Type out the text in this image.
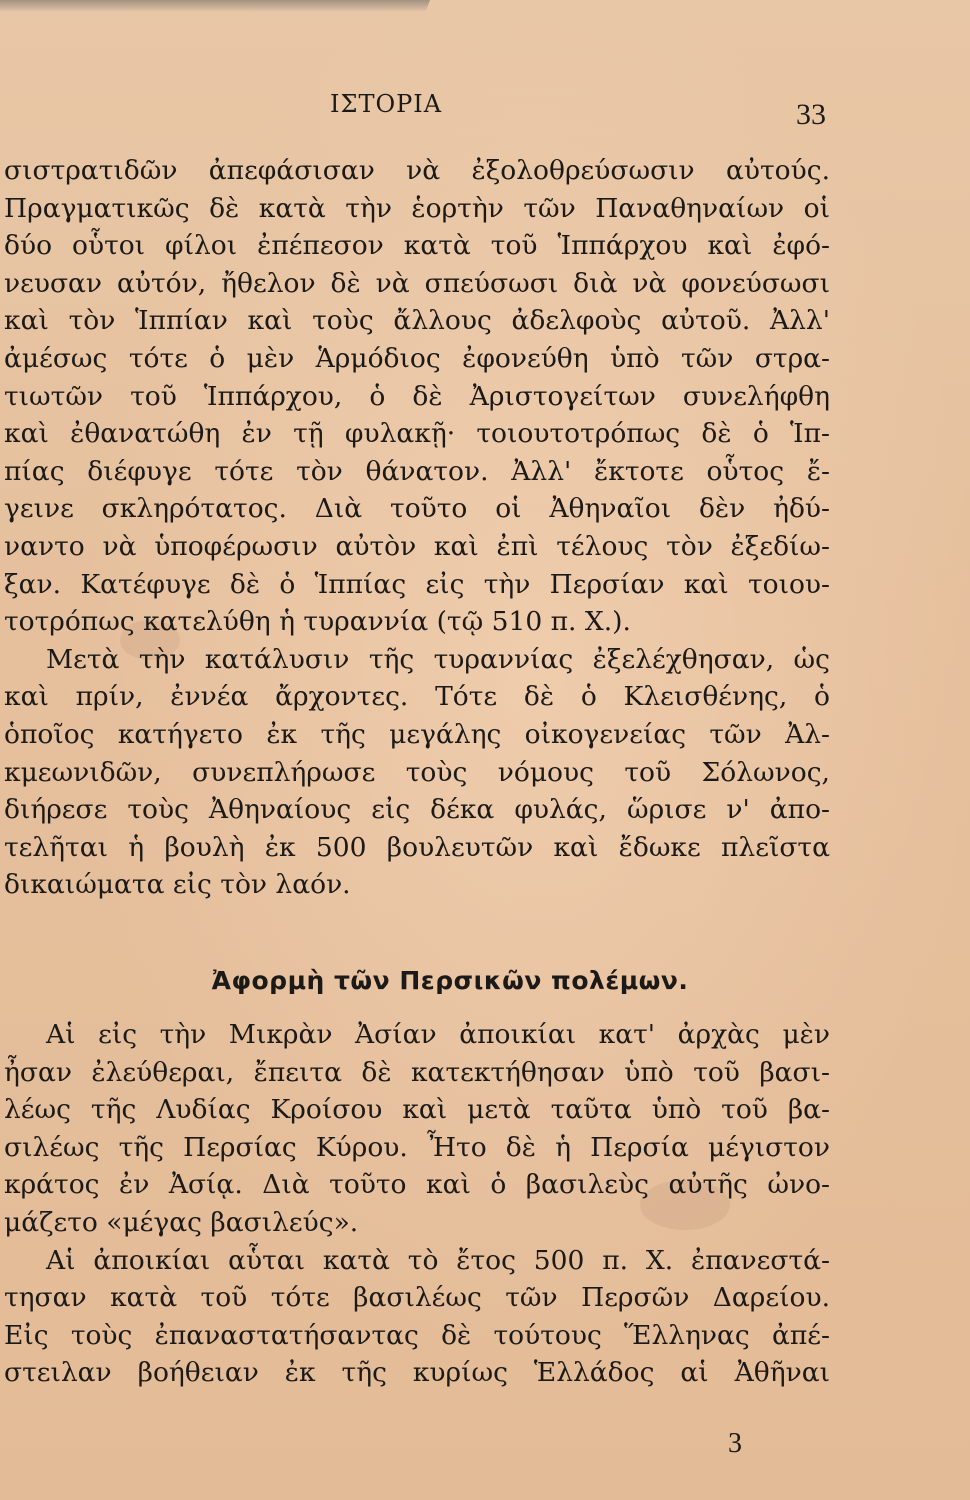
ΙΣΤΟΡΙΑ	33
σιστρατιδῶν ἀπεφάσισαν νὰ ἐξολοθρεύσωσιν αὐτούς.
Πραγματικῶς δὲ κατὰ τὴν ἑορτὴν τῶν Παναθηναίων οἱ
δύο οὗτοι φίλοι ἐπέπεσον κατὰ τοῦ Ἱππάρχου καὶ ἐφό-
νευσαν αὐτόν, ἤθελον δὲ νὰ σπεύσωσι διὰ νὰ φονεύσωσι
καὶ τὸν Ἱππίαν καὶ τοὺς ἄλλους ἀδελφοὺς αὐτοῦ. Ἀλλ'
ἀμέσως τότε ὁ μὲν Ἁρμόδιος ἐφονεύθη ὑπὸ τῶν στρα-
τιωτῶν τοῦ Ἱππάρχου, ὁ δὲ Ἀριστογείτων συνελήφθη
καὶ ἐθανατώθη ἐν τῇ φυλακῇ· τοιουτοτρόπως δὲ ὁ Ἱπ-
πίας διέφυγε τότε τὸν θάνατον. Ἀλλ' ἔκτοτε οὗτος ἔ-
γεινε σκληρότατος. Διὰ τοῦτο οἱ Ἀθηναῖοι δὲν ἠδύ-
ναντο νὰ ὑποφέρωσιν αὐτὸν καὶ ἐπὶ τέλους τὸν ἐξεδίω-
ξαν. Κατέφυγε δὲ ὁ Ἱππίας εἰς τὴν Περσίαν καὶ τοιου-
τοτρόπως κατελύθη ἡ τυραννία (τῷ 510 π. Χ.).
Μετὰ τὴν κατάλυσιν τῆς τυραννίας ἐξελέχθησαν, ὡς
καὶ πρίν, ἐννέα ἄρχοντες. Τότε δὲ ὁ Κλεισθένης, ὁ
ὁποῖος κατήγετο ἐκ τῆς μεγάλης οἰκογενείας τῶν Ἀλ-
κμεωνιδῶν, συνεπλήρωσε τοὺς νόμους τοῦ Σόλωνος,
διήρεσε τοὺς Ἀθηναίους εἰς δέκα φυλάς, ὥρισε ν' ἀπο-
τελῆται ἡ βουλὴ ἐκ 500 βουλευτῶν καὶ ἔδωκε πλεῖστα
δικαιώματα εἰς τὸν λαόν.
Ἀφορμὴ τῶν Περσικῶν πολέμων.
Αἱ εἰς τὴν Μικρὰν Ἀσίαν ἀποικίαι κατ' ἀρχὰς μὲν
ἦσαν ἐλεύθεραι, ἔπειτα δὲ κατεκτήθησαν ὑπὸ τοῦ βασι-
λέως τῆς Λυδίας Κροίσου καὶ μετὰ ταῦτα ὑπὸ τοῦ βα-
σιλέως τῆς Περσίας Κύρου. Ἦτο δὲ ἡ Περσία μέγιστον
κράτος ἐν Ἀσίᾳ. Διὰ τοῦτο καὶ ὁ βασιλεὺς αὐτῆς ὠνο-
μάζετο «μέγας βασιλεύς».
Αἱ ἀποικίαι αὗται κατὰ τὸ ἔτος 500 π. Χ. ἐπανεστά-
τησαν κατὰ τοῦ τότε βασιλέως τῶν Περσῶν Δαρείου.
Εἰς τοὺς ἐπαναστατήσαντας δὲ τούτους Ἕλληνας ἀπέ-
στειλαν βοήθειαν ἐκ τῆς κυρίως Ἑλλάδος αἱ Ἀθῆναι
3
